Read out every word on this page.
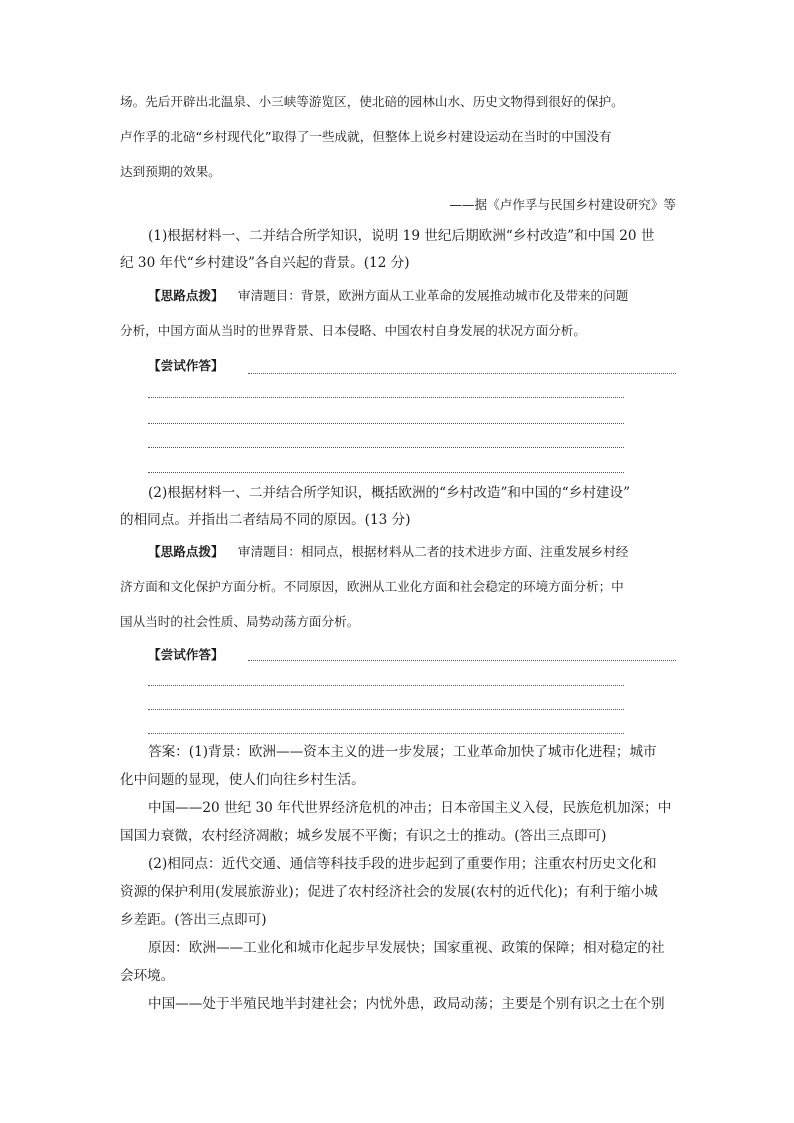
场。先后开辟出北温泉、小三峡等游览区，使北碚的园林山水、历史文物得到很好的保护。
卢作孚的北碚“乡村现代化”取得了一些成就，但整体上说乡村建设运动在当时的中国没有
达到预期的效果。
——据《卢作孚与民国乡村建设研究》等
(1)根据材料一、二并结合所学知识，说明 19 世纪后期欧洲“乡村改造”和中国 20 世
纪 30 年代“乡村建设”各自兴起的背景。(12 分)
【思路点拨】 审清题目：背景，欧洲方面从工业革命的发展推动城市化及带来的问题
分析，中国方面从当时的世界背景、日本侵略、中国农村自身发展的状况方面分析。
【尝试作答】
(2)根据材料一、二并结合所学知识，概括欧洲的“乡村改造”和中国的“乡村建设”
的相同点。并指出二者结局不同的原因。(13 分)
【思路点拨】 审清题目：相同点，根据材料从二者的技术进步方面、注重发展乡村经
济方面和文化保护方面分析。不同原因，欧洲从工业化方面和社会稳定的环境方面分析；中
国从当时的社会性质、局势动荡方面分析。
【尝试作答】
答案：(1)背景：欧洲——资本主义的进一步发展；工业革命加快了城市化进程；城市
化中问题的显现，使人们向往乡村生活。
中国——20 世纪 30 年代世界经济危机的冲击；日本帝国主义入侵，民族危机加深；中
国国力衰微，农村经济凋敝；城乡发展不平衡；有识之士的推动。(答出三点即可)
(2)相同点：近代交通、通信等科技手段的进步起到了重要作用；注重农村历史文化和
资源的保护利用(发展旅游业)；促进了农村经济社会的发展(农村的近代化)；有利于缩小城
乡差距。(答出三点即可)
原因：欧洲——工业化和城市化起步早发展快；国家重视、政策的保障；相对稳定的社
会环境。
中国——处于半殖民地半封建社会；内忧外患，政局动荡；主要是个别有识之士在个别
